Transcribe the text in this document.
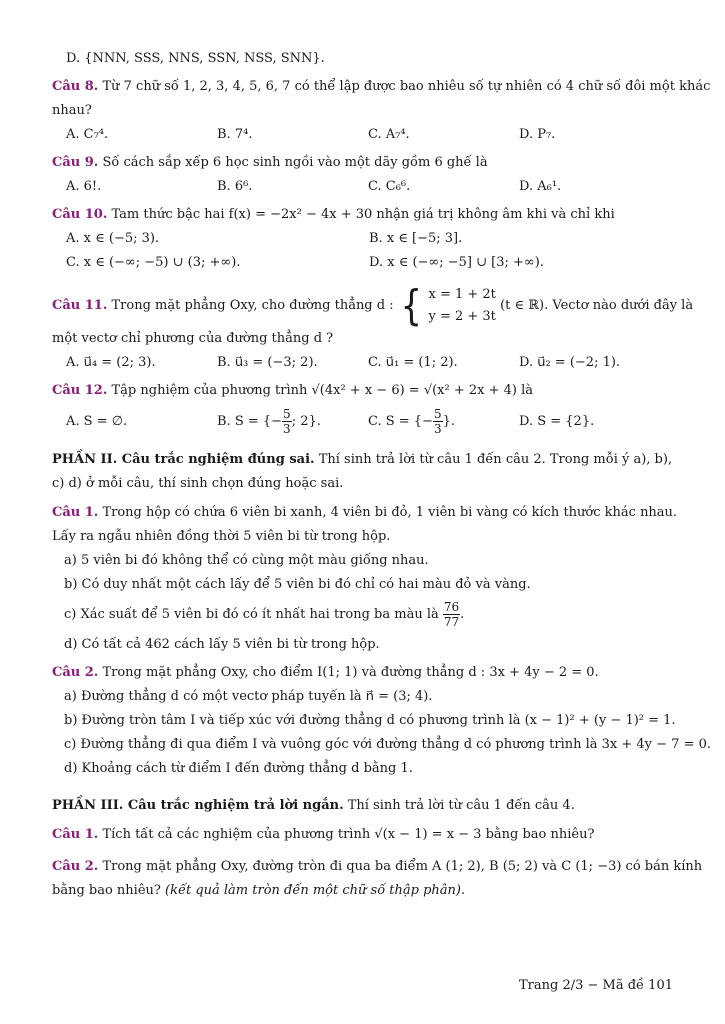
D. {NNN, SSS, NNS, SSN, NSS, SNN}.
Câu 8. Từ 7 chữ số 1, 2, 3, 4, 5, 6, 7 có thể lập được bao nhiêu số tự nhiên có 4 chữ số đôi một khác
nhau?
A. C₇⁴.	B. 7⁴.	C. A₇⁴.	D. P₇.
Câu 9. Số cách sắp xếp 6 học sinh ngồi vào một dãy gồm 6 ghế là
A. 6!.	B. 6⁶.	C. C₆⁶.	D. A₆¹.
Câu 10. Tam thức bậc hai f(x) = −2x² − 4x + 30 nhận giá trị không âm khi và chỉ khi
A. x ∈ (−5; 3).	B. x ∈ [−5; 3].
C. x ∈ (−∞; −5) ∪ (3; +∞).	D. x ∈ (−∞; −5] ∪ [3; +∞).
Câu 11. Trong mặt phẳng Oxy, cho đường thẳng d : { x = 1 + 2t
y = 2 + 3t
(t ∈ ℝ). Vectơ nào dưới đây là
một vectơ chỉ phương của đường thẳng d ?
A. u⃗₄ = (2; 3).	B. u⃗₃ = (−3; 2).	C. u⃗₁ = (1; 2).	D. u⃗₂ = (−2; 1).
Câu 12. Tập nghiệm của phương trình √(4x² + x − 6) = √(x² + 2x + 4) là
A. S = ∅.	B. S = {− $\frac{5}{3}$ ; 2}.	C. S = {− $\frac{5}{3}$ }.	D. S = {2}.
PHẦN II. Câu trắc nghiệm đúng sai. Thí sinh trả lời từ câu 1 đến câu 2. Trong mỗi ý a), b),
c) d) ở mỗi câu, thí sinh chọn đúng hoặc sai.
Câu 1. Trong hộp có chứa 6 viên bi xanh, 4 viên bi đỏ, 1 viên bi vàng có kích thước khác nhau.
Lấy ra ngẫu nhiên đồng thời 5 viên bi từ trong hộp.
a) 5 viên bi đó không thể có cùng một màu giống nhau.
b) Có duy nhất một cách lấy để 5 viên bi đó chỉ có hai màu đỏ và vàng.
c) Xác suất để 5 viên bi đó có ít nhất hai trong ba màu là $\frac{76}{77}$ .
d) Có tất cả 462 cách lấy 5 viên bi từ trong hộp.
Câu 2. Trong mặt phẳng Oxy, cho điểm I(1; 1) và đường thẳng d : 3x + 4y − 2 = 0.
a) Đường thẳng d có một vectơ pháp tuyến là n⃗ = (3; 4).
b) Đường tròn tâm I và tiếp xúc với đường thẳng d có phương trình là (x − 1)² + (y − 1)² = 1.
c) Đường thẳng đi qua điểm I và vuông góc với đường thẳng d có phương trình là 3x + 4y − 7 = 0.
d) Khoảng cách từ điểm I đến đường thẳng d bằng 1.
PHẦN III. Câu trắc nghiệm trả lời ngắn. Thí sinh trả lời từ câu 1 đến câu 4.
Câu 1. Tích tất cả các nghiệm của phương trình √(x − 1) = x − 3 bằng bao nhiêu?
Câu 2. Trong mặt phẳng Oxy, đường tròn đi qua ba điểm A (1; 2), B (5; 2) và C (1; −3) có bán kính
bằng bao nhiêu? (kết quả làm tròn đến một chữ số thập phân).
Trang 2/3 − Mã đề 101
